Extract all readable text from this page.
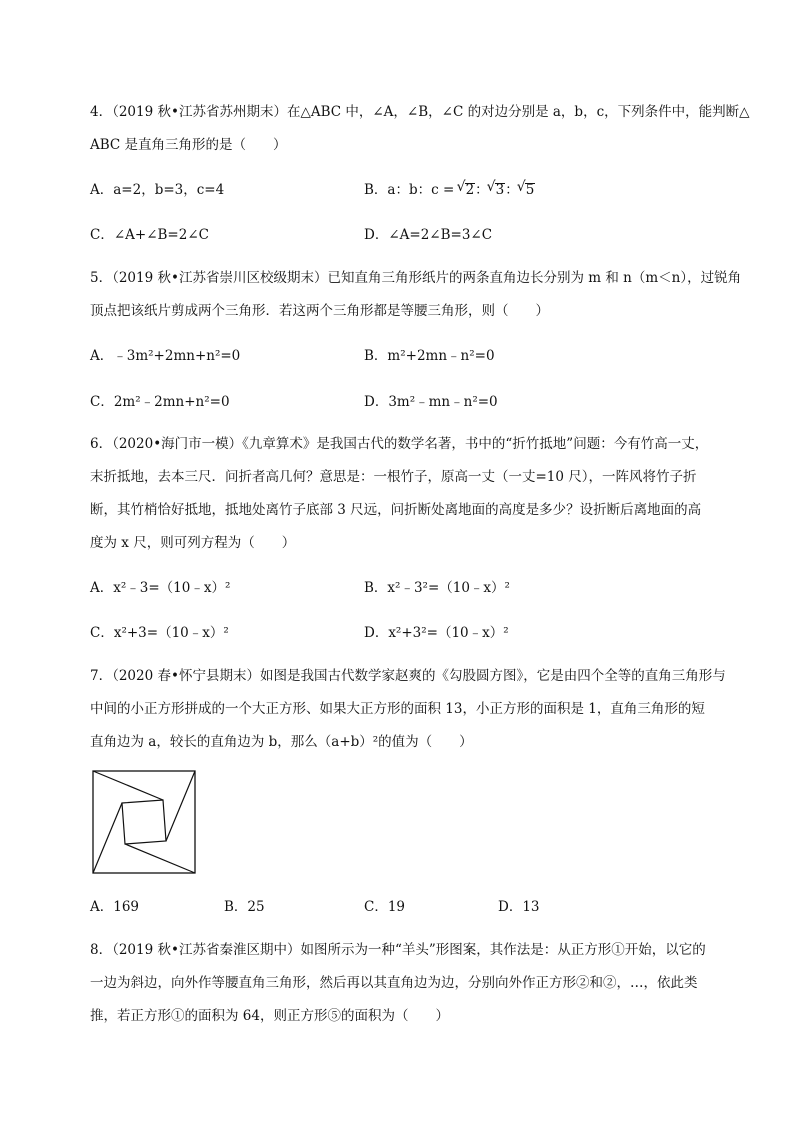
4．（2019 秋•江苏省苏州期末）在△ABC 中，∠A，∠B，∠C 的对边分别是 a，b，c，下列条件中，能判断△
ABC 是直角三角形的是（　　）
A．a=2，b=3，c=4	B．a：b：c = √ 2： √ 3： √ 5
C．∠A+∠B=2∠C	D．∠A=2∠B=3∠C
5．（2019 秋•江苏省崇川区校级期末）已知直角三角形纸片的两条直角边长分别为 m 和 n（m＜n），过锐角
顶点把该纸片剪成两个三角形．若这两个三角形都是等腰三角形，则（　　）
A．﹣3m²+2mn+n²=0	B．m²+2mn﹣n²=0
C．2m²﹣2mn+n²=0	D．3m²﹣mn﹣n²=0
6．（2020•海门市一模）《九章算术》是我国古代的数学名著，书中的“折竹抵地”问题：今有竹高一丈，
末折抵地，去本三尺．问折者高几何？意思是：一根竹子，原高一丈（一丈=10 尺），一阵风将竹子折
断，其竹梢恰好抵地，抵地处离竹子底部 3 尺远，问折断处离地面的高度是多少？设折断后离地面的高
度为 x 尺，则可列方程为（　　）
A．x²﹣3=（10﹣x）²	B．x²﹣3²=（10﹣x）²
C．x²+3=（10﹣x）²	D．x²+3²=（10﹣x）²
7．（2020 春•怀宁县期末）如图是我国古代数学家赵爽的《勾股圆方图》，它是由四个全等的直角三角形与
中间的小正方形拼成的一个大正方形、如果大正方形的面积 13，小正方形的面积是 1，直角三角形的短
直角边为 a，较长的直角边为 b，那么（a+b）²的值为（　　）
A．169	B．25	C．19	D．13
8．（2019 秋•江苏省秦淮区期中）如图所示为一种“羊头”形图案，其作法是：从正方形①开始，以它的
一边为斜边，向外作等腰直角三角形，然后再以其直角边为边，分别向外作正方形②和②，…，依此类
推，若正方形①的面积为 64，则正方形⑤的面积为（　　）
